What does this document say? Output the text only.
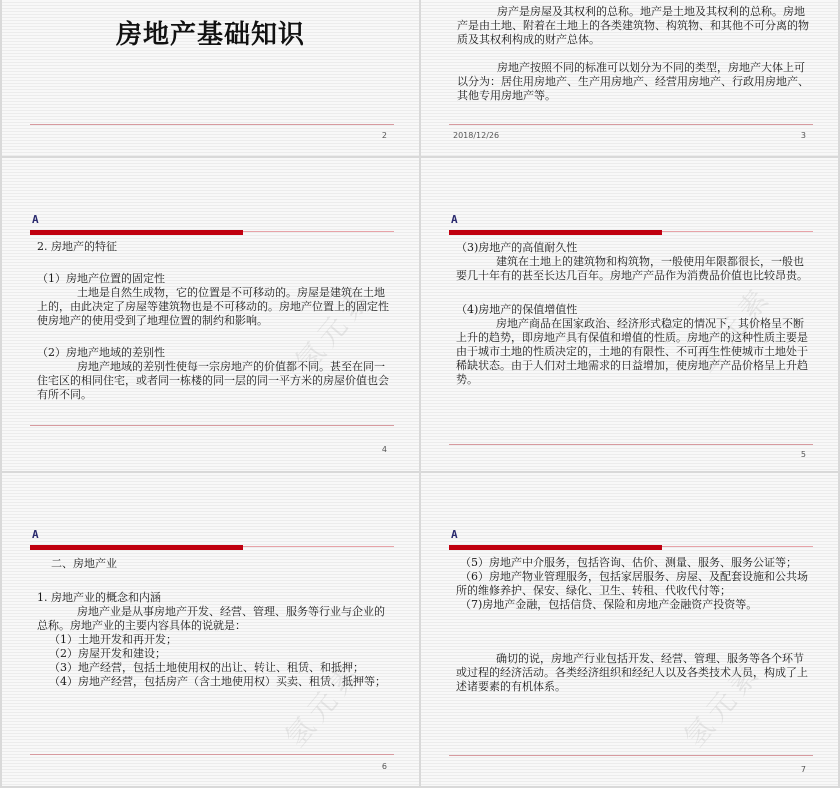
房地产基础知识
2

房产是房屋及其权利的总称。地产是土地及其权利的总称。房地产是由土地、附着在土地上的各类建筑物、构筑物、和其他不可分离的物质及其权利构成的财产总体。

房地产按照不同的标准可以划分为不同的类型，房地产大体上可以分为：居住用房地产、生产用房地产、经营用房地产、行政用房地产、其他专用房地产等。

2018/12/26	3
A

2. 房地产的特征

（1）房地产位置的固定性

土地是自然生成物，它的位置是不可移动的。房屋是建筑在土地上的，由此决定了房屋等建筑物也是不可移动的。房地产位置上的固定性使房地产的使用受到了地理位置的制约和影响。

（2）房地产地域的差别性

房地产地域的差别性使每一宗房地产的价值都不同。甚至在同一住宅区的相同住宅，或者同一栋楼的同一层的同一平方米的房屋价值也会有所不同。

氢元素
4
A

（3)房地产的高值耐久性

建筑在土地上的建筑物和构筑物，一般使用年限都很长，一般也要几十年有的甚至长达几百年。房地产产品作为消费品价值也比较昂贵。

（4)房地产的保值增值性

房地产商品在国家政治、经济形式稳定的情况下，其价格呈不断上升的趋势，即房地产具有保值和增值的性质。房地产的这种性质主要是由于城市土地的性质决定的，土地的有限性、不可再生性使城市土地处于稀缺状态。由于人们对土地需求的日益增加，使房地产产品价格呈上升趋势。

氢元素
5
A

二、房地产业

1. 房地产业的概念和内涵

房地产业是从事房地产开发、经营、管理、服务等行业与企业的总称。房地产业的主要内容具体的说就是：

（1）土地开发和再开发；

（2）房屋开发和建设；

（3）地产经营，包括土地使用权的出让、转让、租赁、和抵押；

（4）房地产经营，包括房产（含土地使用权）买卖、租赁、抵押等；

氢元素
6
A

（5）房地产中介服务，包括咨询、估价、测量、服务、服务公证等；

（6）房地产物业管理服务，包括家居服务、房屋、及配套设施和公共场所的维修养护、保安、绿化、卫生、转租、代收代付等；

（7)房地产金融，包括信贷、保险和房地产金融资产投资等。

确切的说，房地产行业包括开发、经营、管理、服务等各个环节或过程的经济活动。各类经济组织和经纪人以及各类技术人员，构成了上述诸要素的有机体系。	氢元素
7
